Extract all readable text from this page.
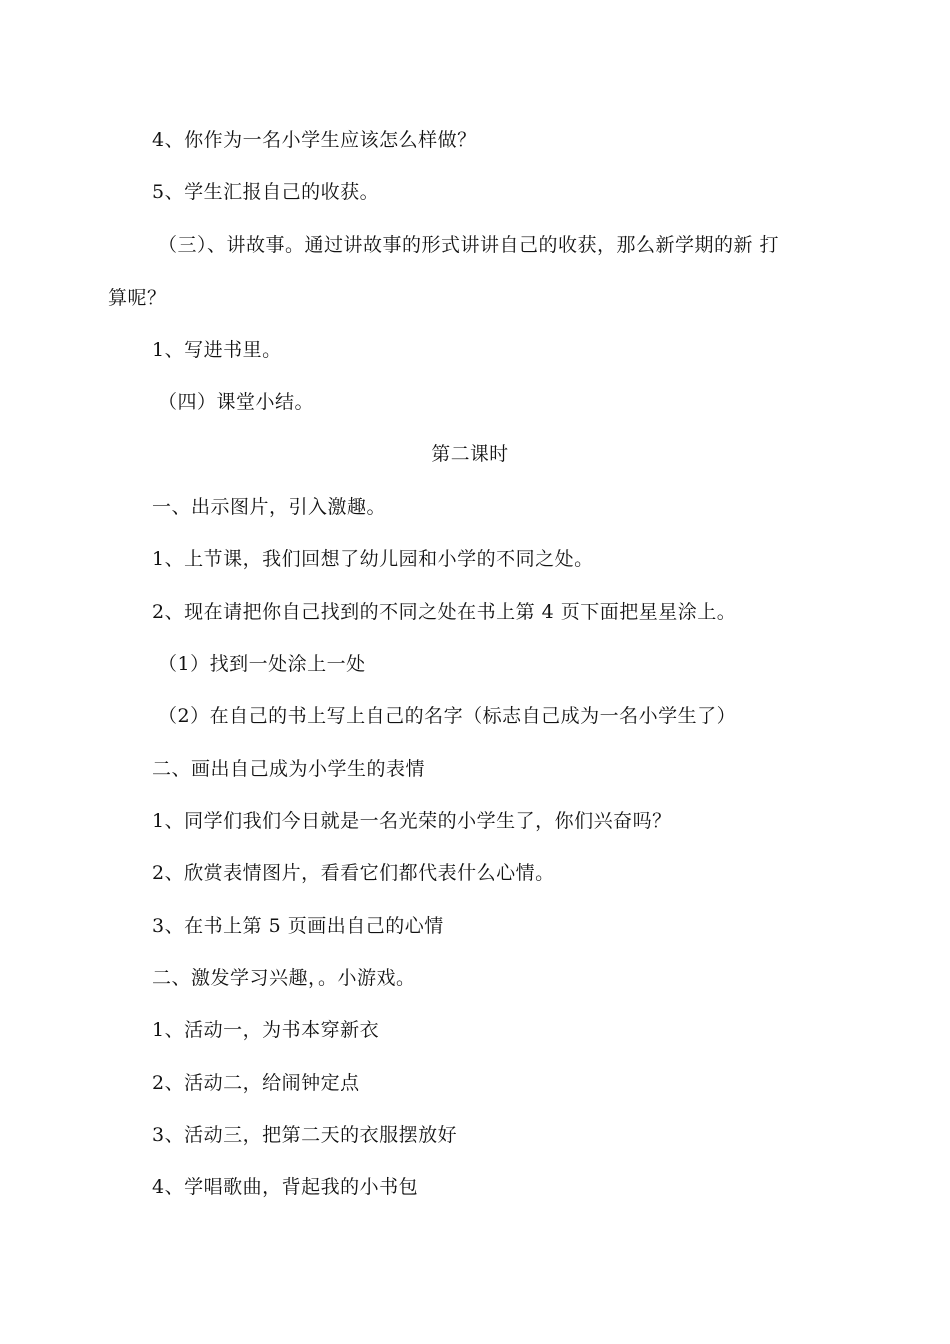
4、你作为一名小学生应该怎么样做？
5、学生汇报自己的收获。
（三）、讲故事。通过讲故事的形式讲讲自己的收获，那么新学期的新 打
算呢？
1、写进书里。
（四）课堂小结。
第二课时
一、出示图片，引入激趣。
1、上节课，我们回想了幼儿园和小学的不同之处。
2、现在请把你自己找到的不同之处在书上第 4 页下面把星星涂上。
（1）找到一处涂上一处
（2）在自己的书上写上自己的名字（标志自己成为一名小学生了）
二、画出自己成为小学生的表情
1、同学们我们今日就是一名光荣的小学生了，你们兴奋吗？
2、欣赏表情图片，看看它们都代表什么心情。
3、在书上第 5 页画出自己的心情
二、激发学习兴趣，。小游戏。
1、活动一，为书本穿新衣
2、活动二，给闹钟定点
3、活动三，把第二天的衣服摆放好
4、学唱歌曲，背起我的小书包
